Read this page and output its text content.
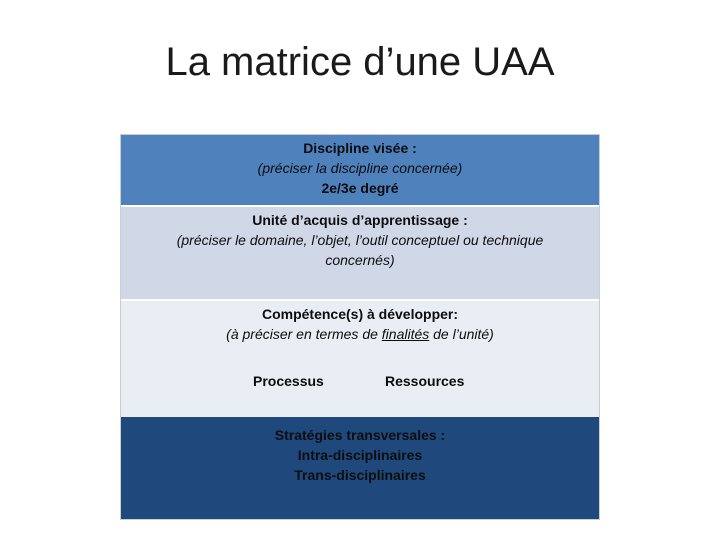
La matrice d’une UAA
Discipline visée :
(préciser la discipline concernée)
2e/3e degré
Unité d’acquis d’apprentissage :
(préciser le domaine, l’objet, l’outil conceptuel ou technique
concernés)
Compétence(s) à développer:
(à préciser en termes de finalités de l’unité)
Processus	Ressources
Stratégies transversales :
Intra-disciplinaires
Trans-disciplinaires
